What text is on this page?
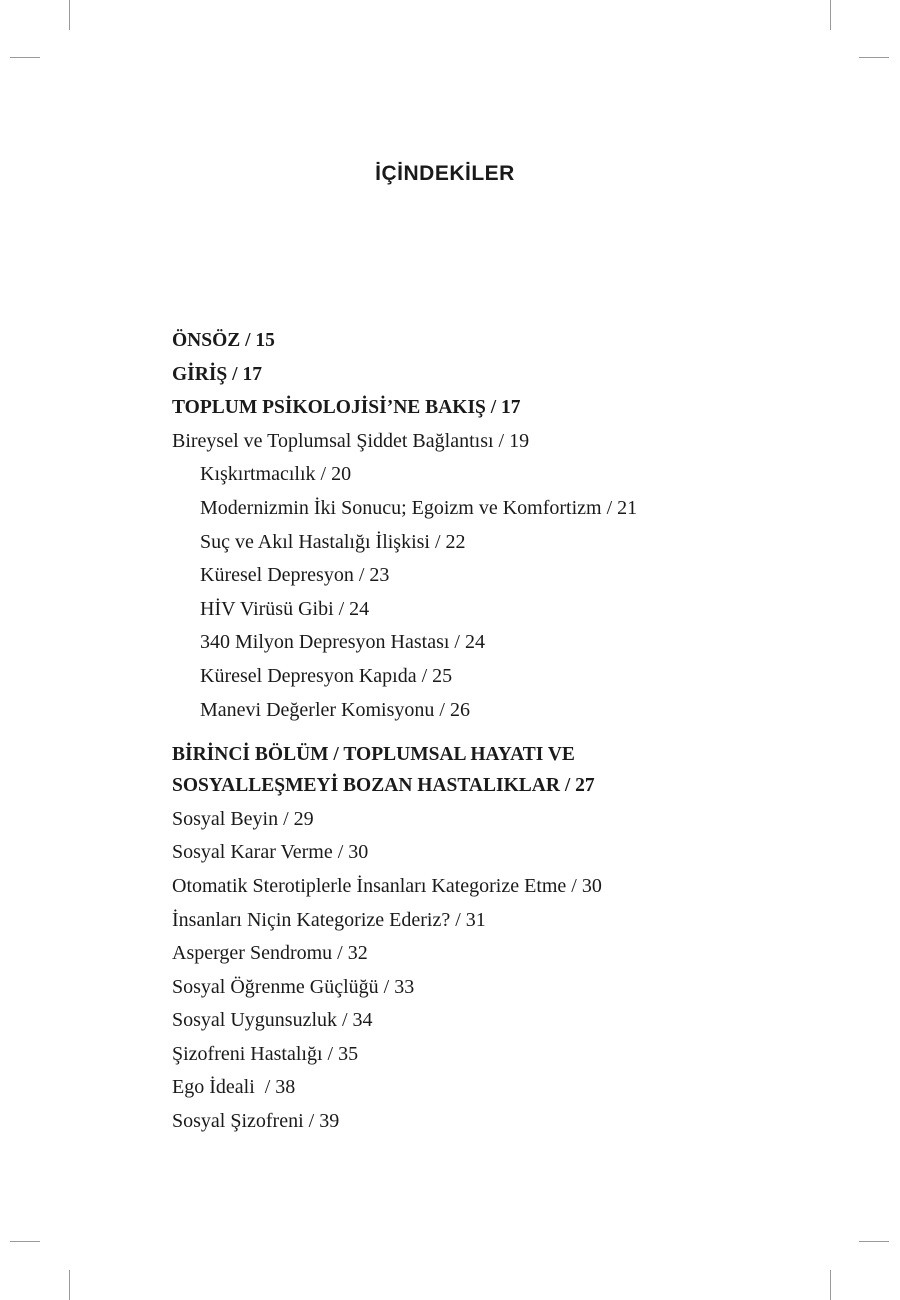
İÇİNDEKİLER
ÖNSÖZ / 15
GİRİŞ / 17
TOPLUM PSİKOLOJİSİ’NE BAKIŞ / 17
Bireysel ve Toplumsal Şiddet Bağlantısı / 19
Kışkırtmacılık / 20
Modernizmin İki Sonucu; Egoizm ve Komfortizm / 21
Suç ve Akıl Hastalığı İlişkisi / 22
Küresel Depresyon / 23
HİV Virüsü Gibi / 24
340 Milyon Depresyon Hastası / 24
Küresel Depresyon Kapıda / 25
Manevi Değerler Komisyonu / 26
BİRİNCİ BÖLÜM / TOPLUMSAL HAYATI VE
SOSYALLEŞMEYİ BOZAN HASTALIKLAR / 27
Sosyal Beyin / 29
Sosyal Karar Verme / 30
Otomatik Sterotiplerle İnsanları Kategorize Etme / 30
İnsanları Niçin Kategorize Ederiz? / 31
Asperger Sendromu / 32
Sosyal Öğrenme Güçlüğü / 33
Sosyal Uygunsuzluk / 34
Şizofreni Hastalığı / 35
Ego İdeali  / 38
Sosyal Şizofreni / 39
